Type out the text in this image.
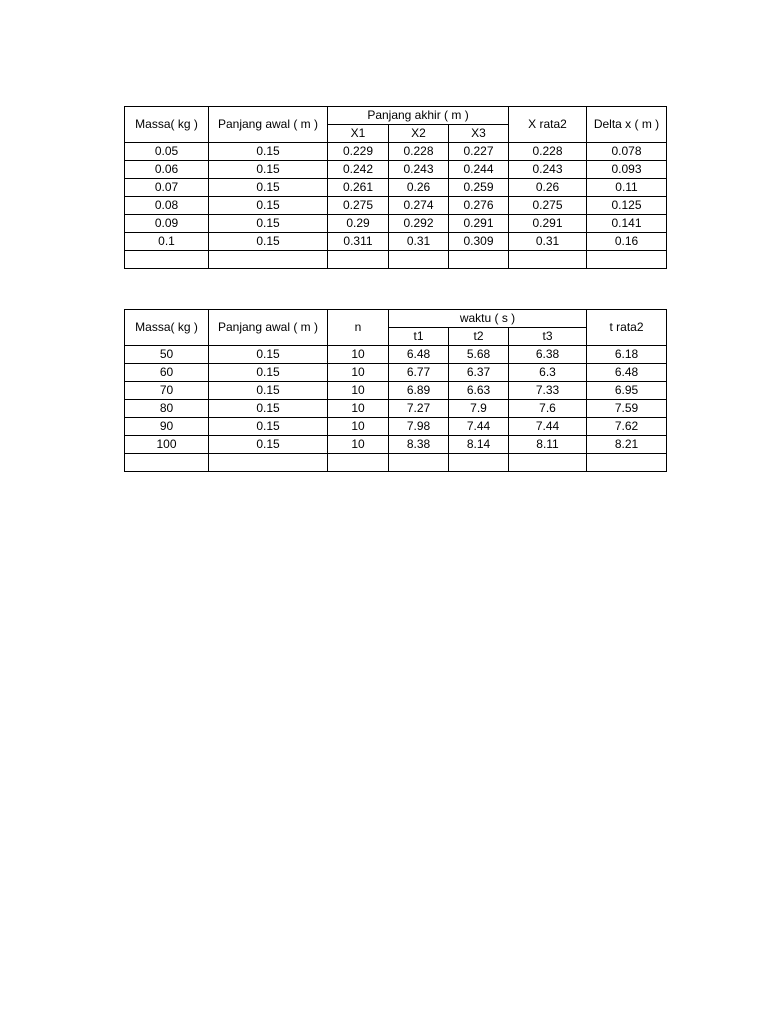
Massa( kg )	Panjang awal ( m )	Panjang akhir ( m )			X rata2	Delta x ( m )
		X1	X2	X3		
0.05	0.15	0.229	0.228	0.227	0.228	0.078
0.06	0.15	0.242	0.243	0.244	0.243	0.093
0.07	0.15	0.261	0.26	0.259	0.26	0.11
0.08	0.15	0.275	0.274	0.276	0.275	0.125
0.09	0.15	0.29	0.292	0.291	0.291	0.141
0.1	0.15	0.311	0.31	0.309	0.31	0.16

Massa( kg )	Panjang awal ( m )	n	waktu ( s )			t rata2
			t1	t2	t3	
50	0.15	10	6.48	5.68	6.38	6.18
60	0.15	10	6.77	6.37	6.3	6.48
70	0.15	10	6.89	6.63	7.33	6.95
80	0.15	10	7.27	7.9	7.6	7.59
90	0.15	10	7.98	7.44	7.44	7.62
100	0.15	10	8.38	8.14	8.11	8.21
